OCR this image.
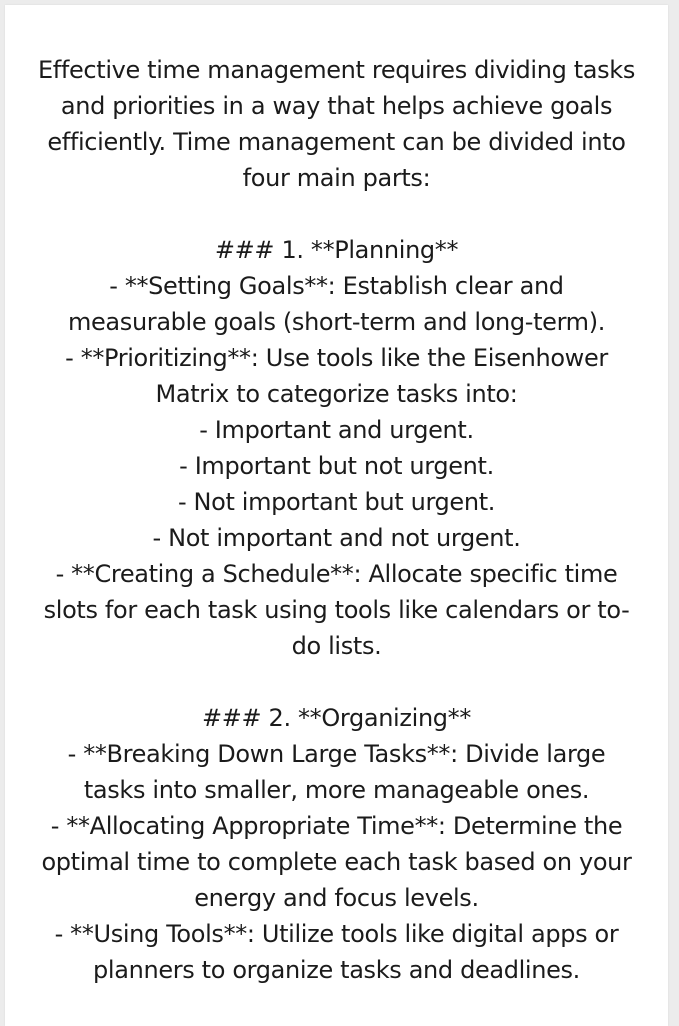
Effective time management requires dividing tasks
and priorities in a way that helps achieve goals
efficiently. Time management can be divided into
four main parts:
### 1. **Planning**
- **Setting Goals**: Establish clear and
measurable goals (short-term and long-term).
- **Prioritizing**: Use tools like the Eisenhower
Matrix to categorize tasks into:
- Important and urgent.
- Important but not urgent.
- Not important but urgent.
- Not important and not urgent.
- **Creating a Schedule**: Allocate specific time
slots for each task using tools like calendars or to-
do lists.
### 2. **Organizing**
- **Breaking Down Large Tasks**: Divide large
tasks into smaller, more manageable ones.
- **Allocating Appropriate Time**: Determine the
optimal time to complete each task based on your
energy and focus levels.
- **Using Tools**: Utilize tools like digital apps or
planners to organize tasks and deadlines.
